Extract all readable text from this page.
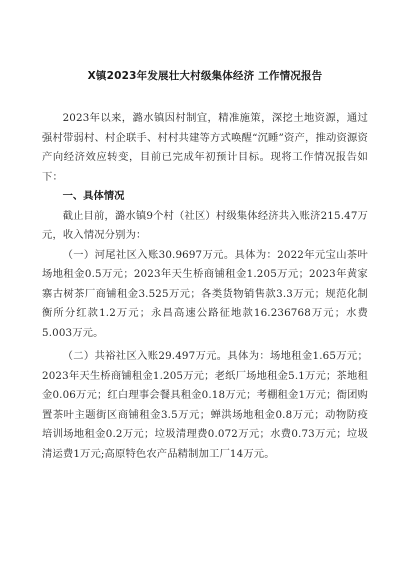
X镇2023年发展壮大村级集体经济 工作情况报告

2023年以来，潞水镇因村制宜，精准施策，深挖土地资源，通过强村带弱村、村企联手、村村共建等方式唤醒“沉睡”资产，推动资源资产向经济效应转变，目前已完成年初预计目标。现将工作情况报告如下：

一、具体情况

截止目前，潞水镇9个村（社区）村级集体经济共入账济215.47万元，收入情况分别为：

（一）河尾社区入账30.9697万元。具体为：2022年元宝山茶叶场地租金0.5万元；2023年天生桥商铺租金1.205万元；2023年黄家寨古树茶厂商铺租金3.525万元；各类货物销售款3.3万元；规范化制衡所分红款1.2万元；永昌高速公路征地款16.236768万元；水费5.003万元。

（二）共裕社区入账29.497万元。具体为：场地租金1.65万元；2023年天生桥商铺租金1.205万元；老纸厂场地租金5.1万元；茶地租金0.06万元；红白理事会餐具租金0.18万元；考棚租金1万元；衙团购置茶叶主题街区商铺租金3.5万元；蝉洪场地租金0.8万元；动物防疫培训场地租金0.2万元；垃圾清理费0.072万元；水费0.73万元；垃圾清运费1万元;高原特色农产品精制加工厂14万元。
